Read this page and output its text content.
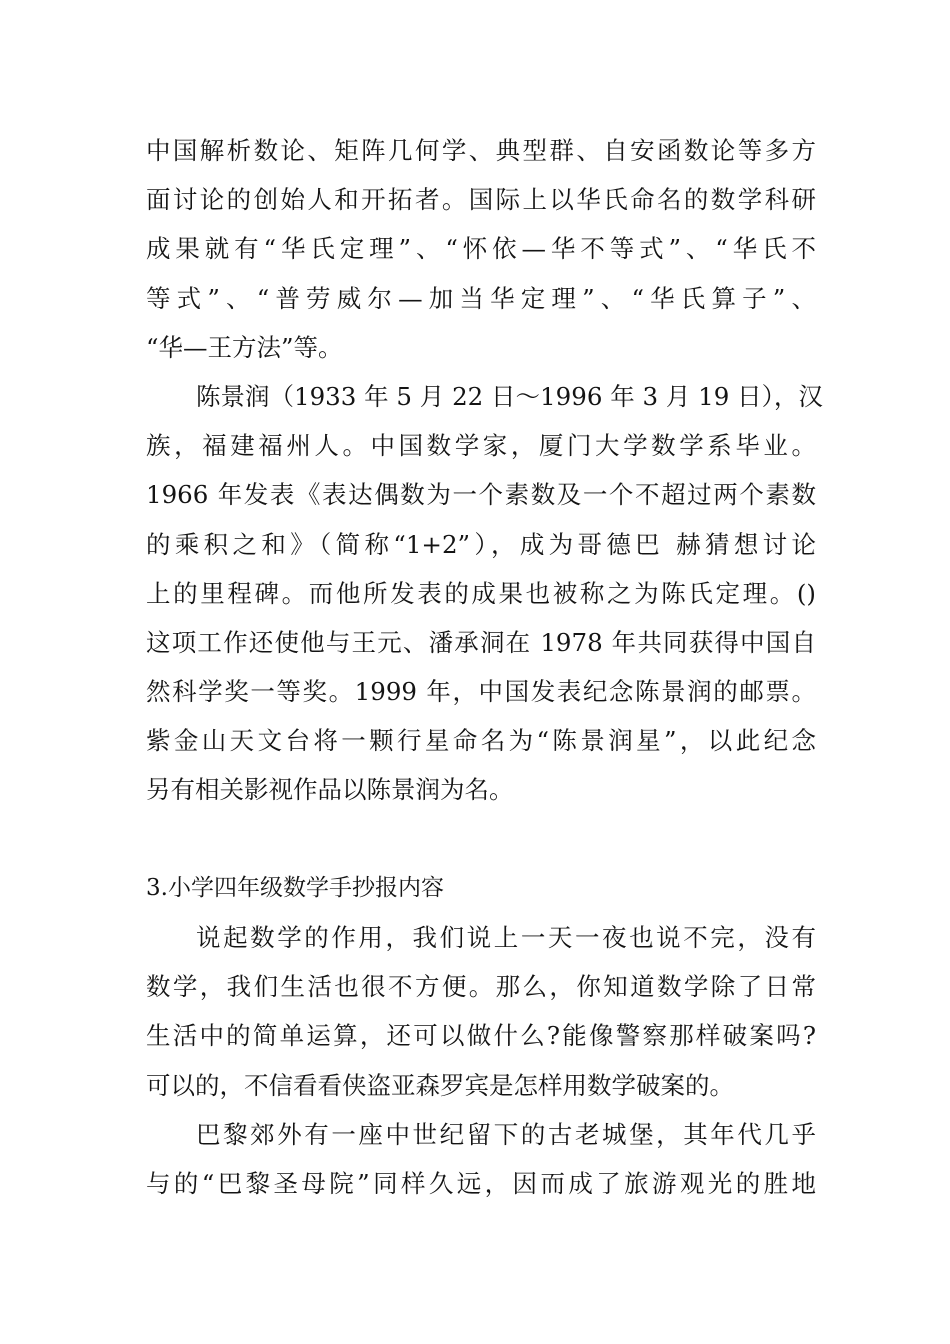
中国解析数论、矩阵几何学、典型群、自安函数论等多方
面讨论的创始人和开拓者。国际上以华氏命名的数学科研
成果就有“华氏定理”、“怀依—华不等式”、“华氏不
等式”、“普劳威尔—加当华定理”、“华氏算子”、
“华—王方法”等。
陈景润（1933 年 5 月 22 日～1996 年 3 月 19 日），汉
族，福建福州人。中国数学家，厦门大学数学系毕业。
1966 年发表《表达偶数为一个素数及一个不超过两个素数
的乘积之和》（简称“1+2”），成为哥德巴 赫猜想讨论
上的里程碑。而他所发表的成果也被称之为陈氏定理。()
这项工作还使他与王元、潘承洞在 1978 年共同获得中国自
然科学奖一等奖。1999 年，中国发表纪念陈景润的邮票。
紫金山天文台将一颗行星命名为“陈景润星”，以此纪念
另有相关影视作品以陈景润为名。
3.小学四年级数学手抄报内容
说起数学的作用，我们说上一天一夜也说不完，没有
数学，我们生活也很不方便。那么，你知道数学除了日常
生活中的简单运算，还可以做什么?能像警察那样破案吗?
可以的，不信看看侠盗亚森罗宾是怎样用数学破案的。
巴黎郊外有一座中世纪留下的古老城堡，其年代几乎
与的“巴黎圣母院”同样久远，因而成了旅游观光的胜地
